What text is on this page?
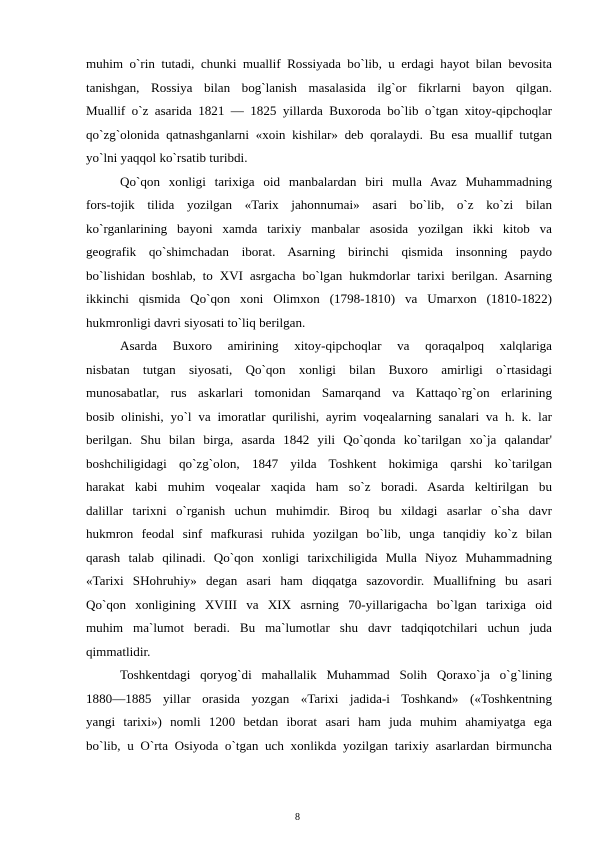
muhim o`rin tutadi, chunki muallif Rossiyada bo`lib, u erdagi hayot bilan bevosita
tanishgan, Rossiya bilan bog`lanish masalasida ilg`or fikrlarni bayon qilgan.
Muallif o`z asarida 1821 — 1825 yillarda Buxoroda bo`lib o`tgan xitoy-qipchoqlar
qo`zg`olonida qatnashganlarni «xoin kishilar» deb qoralaydi. Bu esa muallif tutgan
yo`lni yaqqol ko`rsatib turibdi.
Qo`qon xonligi tarixiga oid manbalardan biri mulla Avaz Muhammadning
fors-tojik tilida yozilgan «Tarix jahonnumai» asari bo`lib, o`z ko`zi bilan
ko`rganlarining bayoni xamda tarixiy manbalar asosida yozilgan ikki kitob va
geografik qo`shimchadan iborat. Asarning birinchi qismida insonning paydo
bo`lishidan boshlab, to XVI asrgacha bo`lgan hukmdorlar tarixi berilgan. Asarning
ikkinchi qismida Qo`qon xoni Olimxon (1798-1810) va Umarxon (1810-1822)
hukmronligi davri siyosati to`liq berilgan.
Asarda Buxoro amirining xitoy-qipchoqlar va qoraqalpoq xalqlariga
nisbatan tutgan siyosati, Qo`qon xonligi bilan Buxoro amirligi o`rtasidagi
munosabatlar, rus askarlari tomonidan Samarqand va Kattaqo`rg`on erlarining
bosib olinishi, yo`l va imoratlar qurilishi, ayrim voqealarning sanalari va h. k. lar
berilgan. Shu bilan birga, asarda 1842 yili Qo`qonda ko`tarilgan xo`ja qalandar'
boshchiligidagi qo`zg`olon, 1847 yilda Toshkent hokimiga qarshi ko`tarilgan
harakat kabi muhim voqealar xaqida ham so`z boradi. Asarda keltirilgan bu
dalillar tarixni o`rganish uchun muhimdir. Biroq bu xildagi asarlar o`sha davr
hukmron feodal sinf mafkurasi ruhida yozilgan bo`lib, unga tanqidiy ko`z bilan
qarash talab qilinadi. Qo`qon xonligi tarixchiligida Mulla Niyoz Muhammadning
«Tarixi SHohruhiy» degan asari ham diqqatga sazovordir. Muallifning bu asari
Qo`qon xonligining XVIII va XIX asrning 70-yillarigacha bo`lgan tarixiga oid
muhim ma`lumot beradi. Bu ma`lumotlar shu davr tadqiqotchilari uchun juda
qimmatlidir.
Toshkentdagi qoryog`di mahallalik Muhammad Solih Qoraxo`ja o`g`lining
1880—1885 yillar orasida yozgan «Tarixi jadida-i Toshkand» («Toshkentning
yangi tarixi») nomli 1200 betdan iborat asari ham juda muhim ahamiyatga ega
bo`lib, u O`rta Osiyoda o`tgan uch xonlikda yozilgan tarixiy asarlardan birmuncha
8
